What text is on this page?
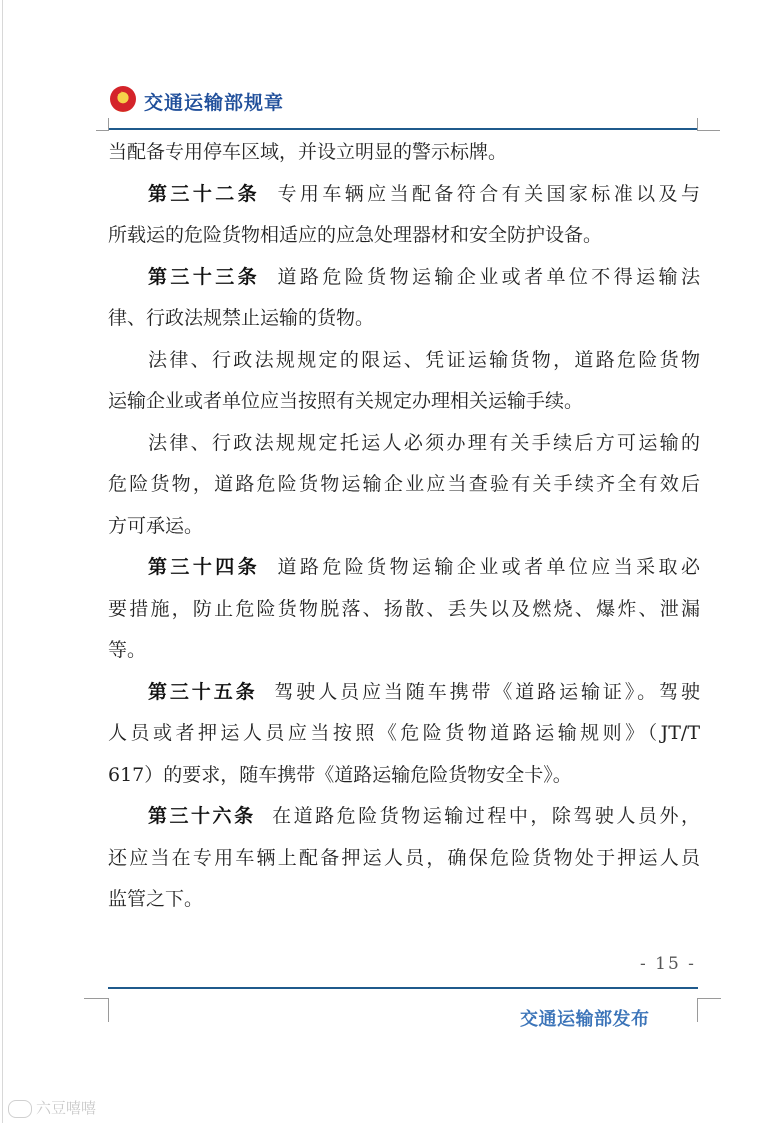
★ 交通运输部规章
当配备专用停车区域，并设立明显的警示标牌。
第三十二条 专用车辆应当配备符合有关国家标准以及与
所载运的危险货物相适应的应急处理器材和安全防护设备。
第三十三条 道路危险货物运输企业或者单位不得运输法
律、行政法规禁止运输的货物。
法律、行政法规规定的限运、凭证运输货物，道路危险货物
运输企业或者单位应当按照有关规定办理相关运输手续。
法律、行政法规规定托运人必须办理有关手续后方可运输的
危险货物，道路危险货物运输企业应当查验有关手续齐全有效后
方可承运。
第三十四条 道路危险货物运输企业或者单位应当采取必
要措施，防止危险货物脱落、扬散、丢失以及燃烧、爆炸、泄漏
等。
第三十五条 驾驶人员应当随车携带《道路运输证》。驾驶
人员或者押运人员应当按照《危险货物道路运输规则》（JT/T
617）的要求，随车携带《道路运输危险货物安全卡》。
第三十六条 在道路危险货物运输过程中，除驾驶人员外，
还应当在专用车辆上配备押运人员，确保危险货物处于押运人员
监管之下。
- 15 -
交通运输部发布
六豆嘻嘻
